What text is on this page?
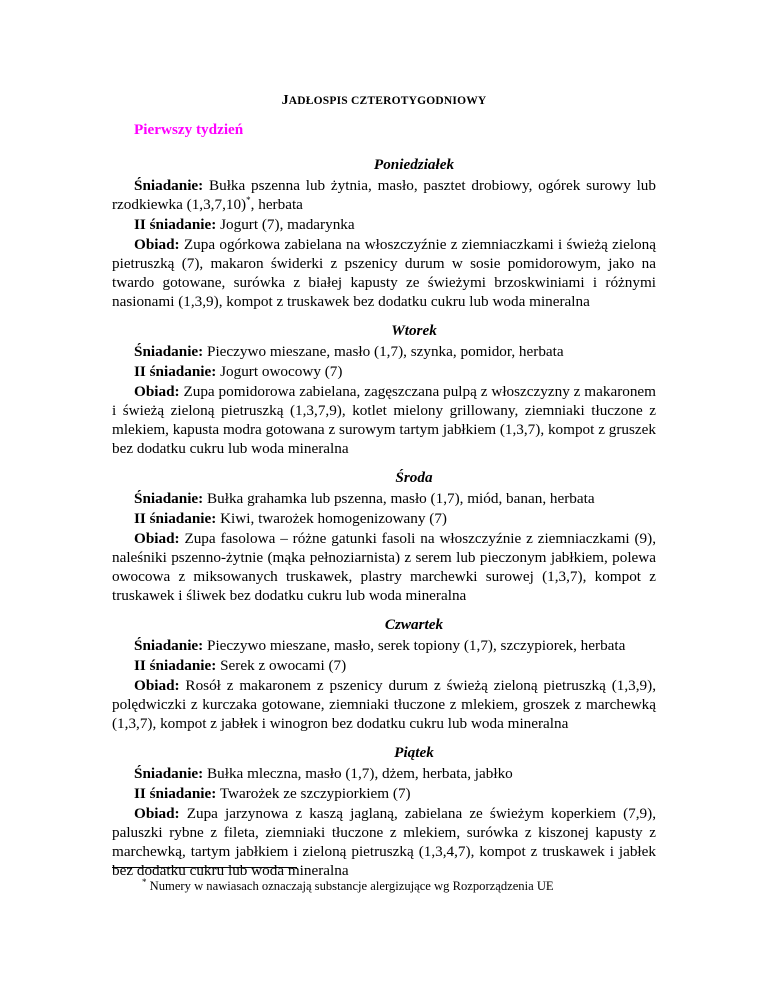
JADŁOSPIS CZTEROTYGODNIOWY
Pierwszy tydzień
Poniedziałek
Śniadanie: Bułka pszenna lub żytnia, masło, pasztet drobiowy, ogórek surowy lub rzodkiewka (1,3,7,10)*, herbata
II śniadanie: Jogurt (7), madarynka
Obiad: Zupa ogórkowa zabielana na włoszczyźnie z ziemniaczkami i świeżą zieloną pietruszką (7), makaron świderki z pszenicy durum w sosie pomidorowym, jako na twardo gotowane, surówka z białej kapusty ze świeżymi brzoskwiniami i różnymi nasionami (1,3,9), kompot z truskawek bez dodatku cukru lub woda mineralna
Wtorek
Śniadanie: Pieczywo mieszane, masło (1,7), szynka, pomidor, herbata
II śniadanie: Jogurt owocowy (7)
Obiad: Zupa pomidorowa zabielana, zagęszczana pulpą z włoszczyzny z makaronem i świeżą zieloną pietruszką (1,3,7,9), kotlet mielony grillowany, ziemniaki tłuczone z mlekiem, kapusta modra gotowana z surowym tartym jabłkiem (1,3,7), kompot z gruszek bez dodatku cukru lub woda mineralna
Środa
Śniadanie: Bułka grahamka lub pszenna, masło (1,7), miód, banan, herbata
II śniadanie: Kiwi, twarożek homogenizowany (7)
Obiad: Zupa fasolowa – różne gatunki fasoli na włoszczyźnie z ziemniaczkami (9), naleśniki pszenno-żytnie (mąka pełnoziarnista) z serem lub pieczonym jabłkiem, polewa owocowa z miksowanych truskawek, plastry marchewki surowej (1,3,7), kompot z truskawek i śliwek bez dodatku cukru lub woda mineralna
Czwartek
Śniadanie: Pieczywo mieszane, masło, serek topiony (1,7), szczypiorek, herbata
II śniadanie: Serek z owocami (7)
Obiad: Rosół z makaronem z pszenicy durum z świeżą zieloną pietruszką (1,3,9), polędwiczki z kurczaka gotowane, ziemniaki tłuczone z mlekiem, groszek z marchewką (1,3,7), kompot z jabłek i winogron bez dodatku cukru lub woda mineralna
Piątek
Śniadanie: Bułka mleczna, masło (1,7), dżem, herbata, jabłko
II śniadanie: Twarożek ze szczypiorkiem (7)
Obiad: Zupa jarzynowa z kaszą jaglaną, zabielana ze świeżym koperkiem (7,9), paluszki rybne z fileta, ziemniaki tłuczone z mlekiem, surówka z kiszonej kapusty z marchewką, tartym jabłkiem i zieloną pietruszką (1,3,4,7), kompot z truskawek i jabłek bez dodatku cukru lub woda mineralna
* Numery w nawiasach oznaczają substancje alergizujące wg Rozporządzenia UE
